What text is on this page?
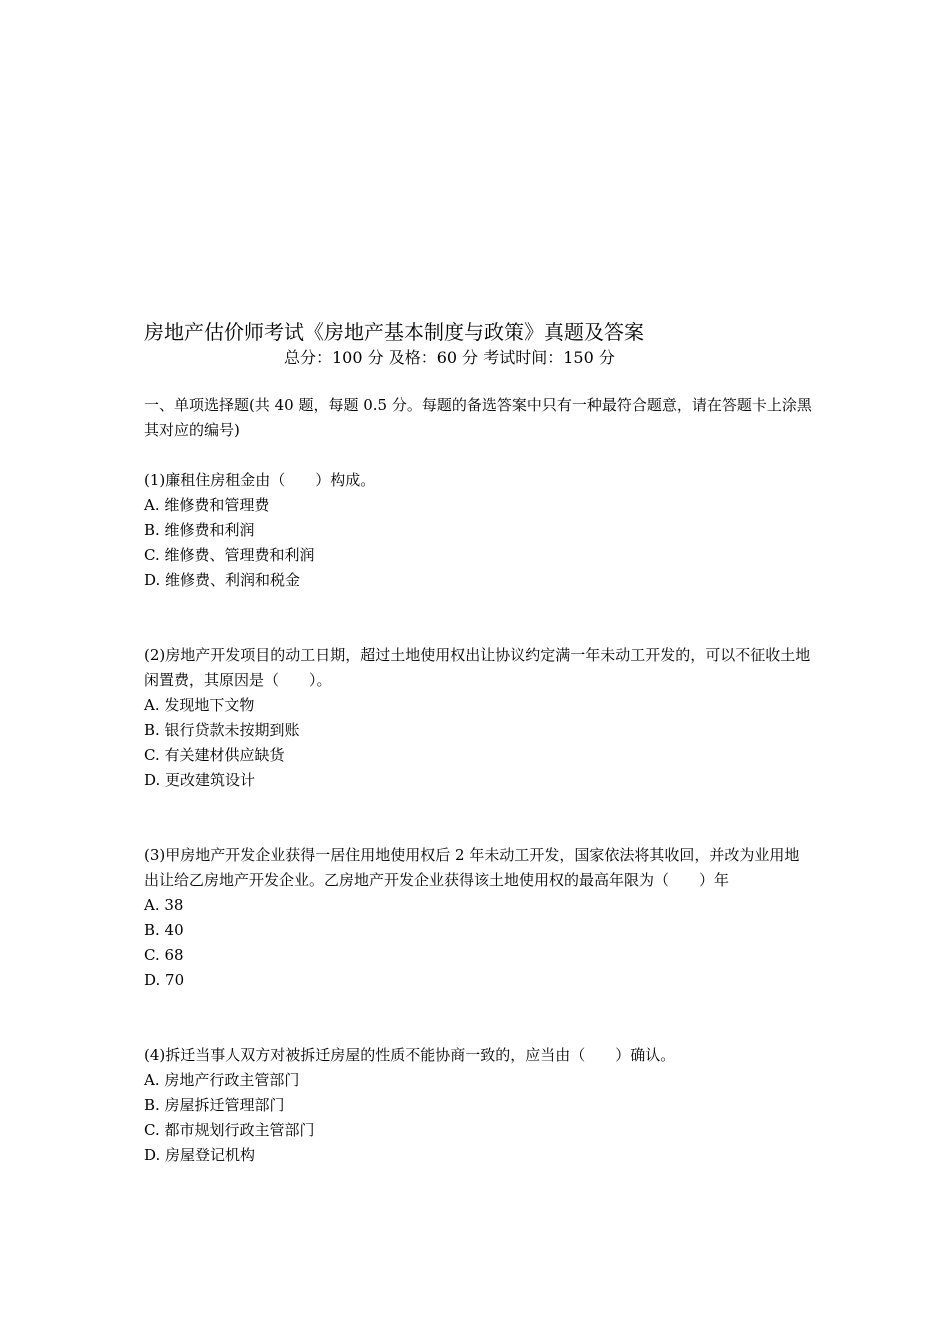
房地产估价师考试《房地产基本制度与政策》真题及答案
总分：100 分 及格：60 分 考试时间：150 分
一、单项选择题(共 40 题，每题 0.5 分。每题的备选答案中只有一种最符合题意，请在答题卡上涂黑其对应的编号)
(1)廉租住房租金由（　　）构成。
A. 维修费和管理费
B. 维修费和利润
C. 维修费、管理费和利润
D. 维修费、利润和税金
(2)房地产开发项目的动工日期，超过土地使用权出让协议约定满一年未动工开发的，可以不征收土地闲置费，其原因是（　　）。
A. 发现地下文物
B. 银行贷款未按期到账
C. 有关建材供应缺货
D. 更改建筑设计
(3)甲房地产开发企业获得一居住用地使用权后 2 年未动工开发，国家依法将其收回，并改为业用地出让给乙房地产开发企业。乙房地产开发企业获得该土地使用权的最高年限为（　　）年
A. 38
B. 40
C. 68
D. 70
(4)拆迁当事人双方对被拆迁房屋的性质不能协商一致的，应当由（　　）确认。
A. 房地产行政主管部门
B. 房屋拆迁管理部门
C. 都市规划行政主管部门
D. 房屋登记机构
